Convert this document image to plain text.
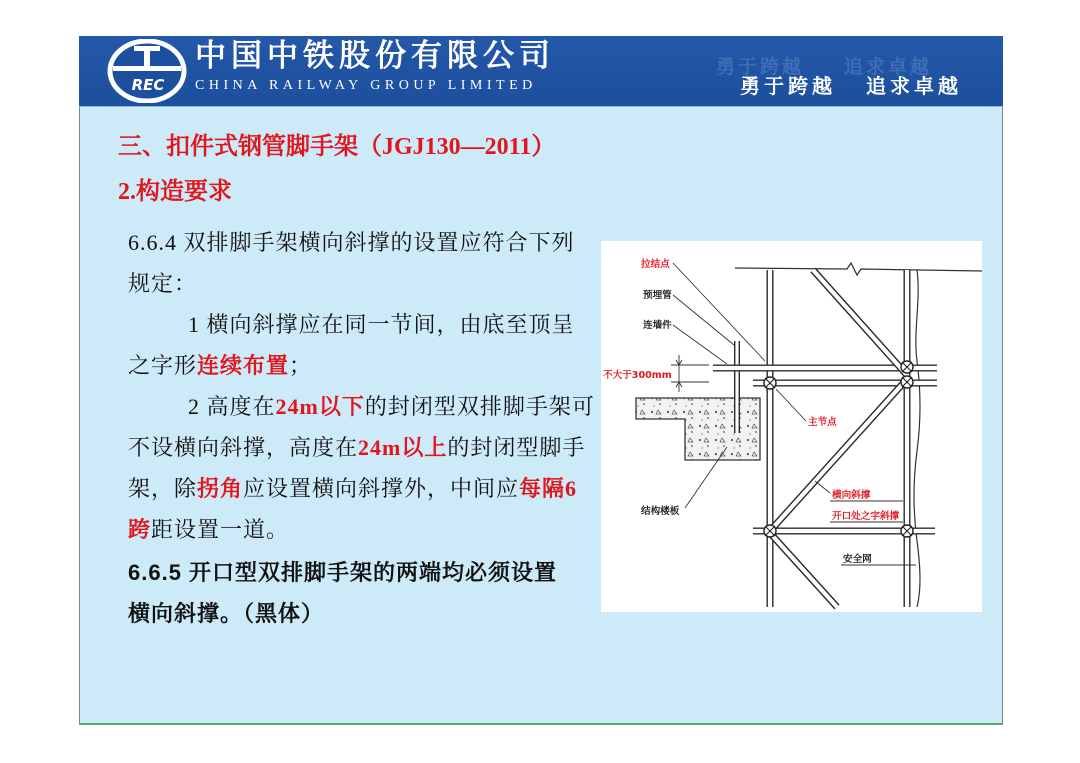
REC
中国中铁股份有限公司
CHINA RAILWAY GROUP LIMITED
勇于跨越 追求卓越
勇于跨越 追求卓越
三、扣件式钢管脚手架（JGJ130—2011）
2.构造要求
6.6.4 双排脚手架横向斜撑的设置应符合下列
规定：
1 横向斜撑应在同一节间，由底至顶呈
之字形连续布置；
2 高度在24m以下的封闭型双排脚手架可
不设横向斜撑，高度在24m以上的封闭型脚手
架，除拐角应设置横向斜撑外，中间应每隔6
跨距设置一道。
6.6.5 开口型双排脚手架的两端均必须设置
横向斜撑。（黑体）
拉结点
预埋管
连墙件
不大于300mm
主节点
结构楼板
横向斜撑
开口处之字斜撑
安全网
